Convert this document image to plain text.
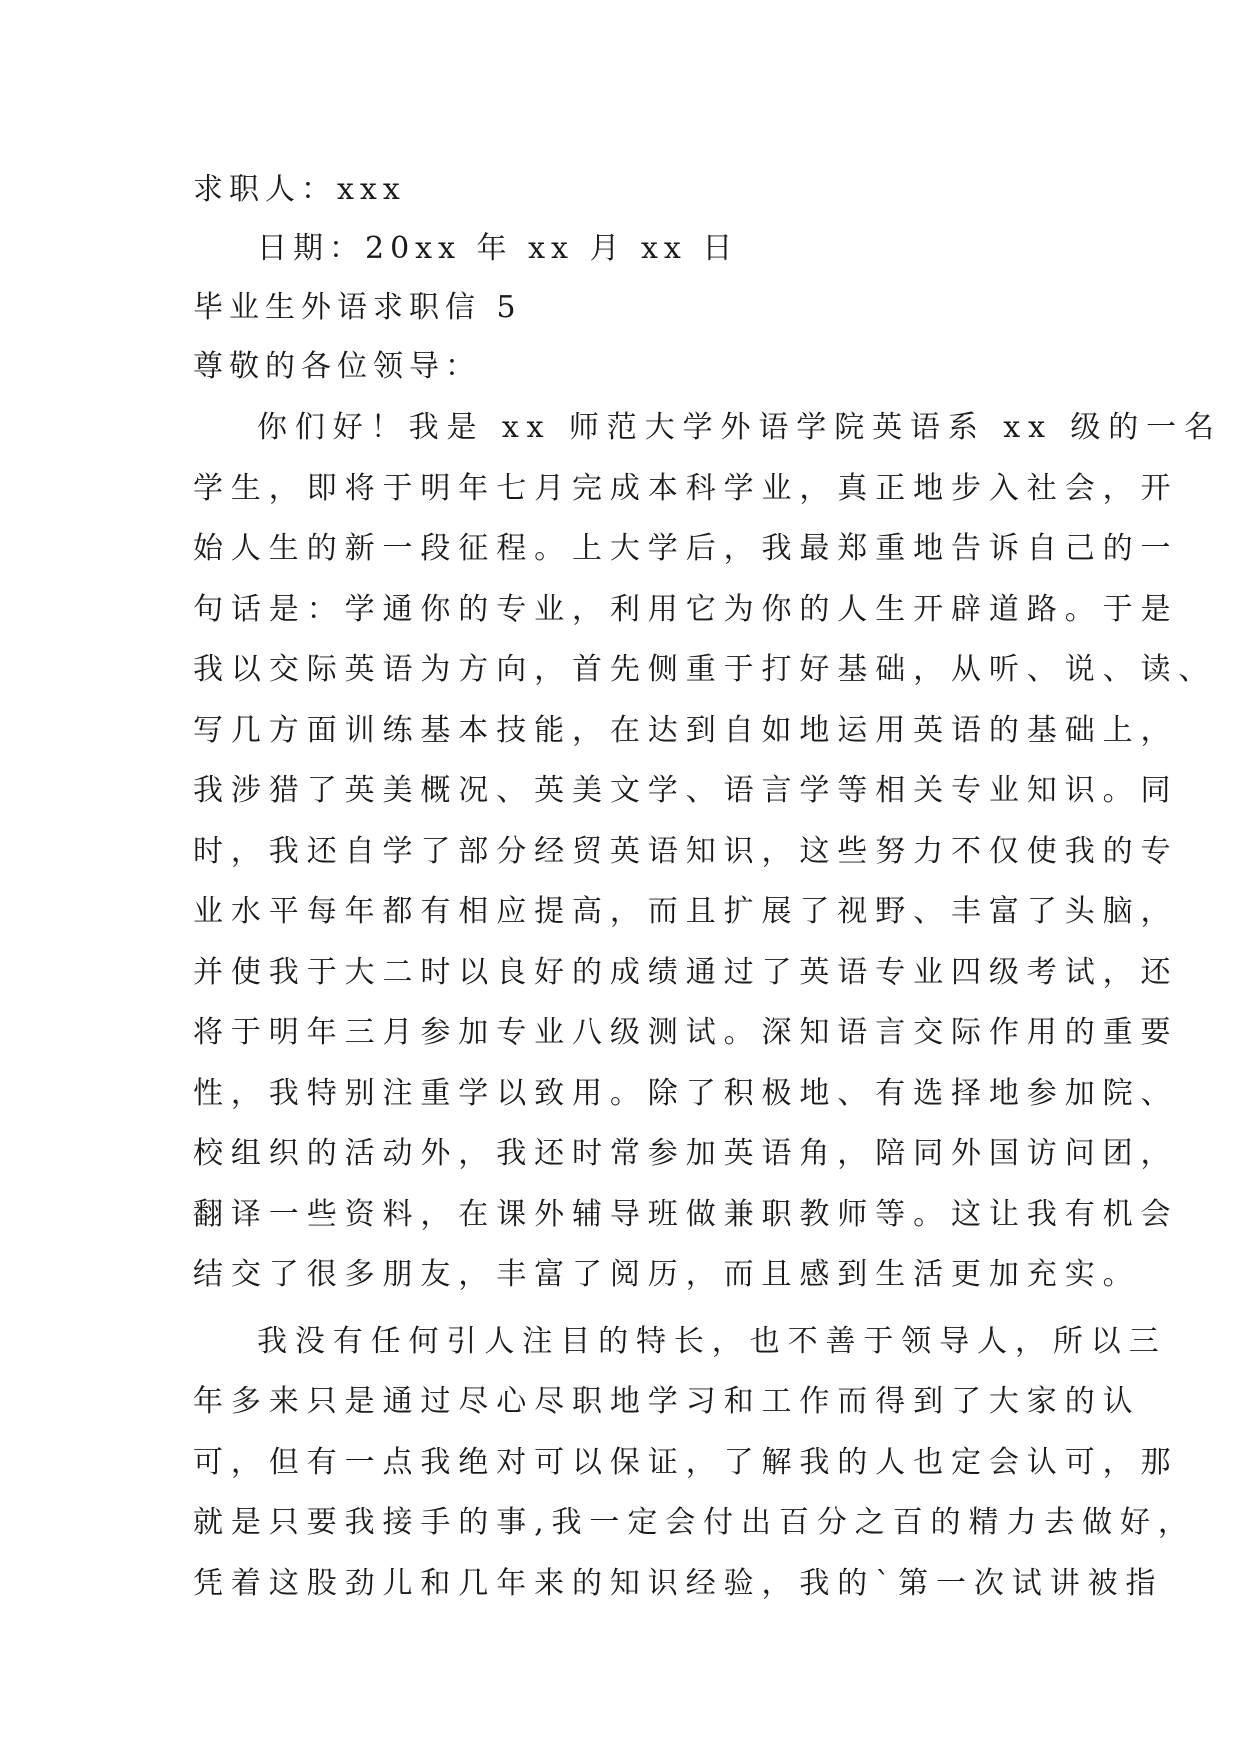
求职人：xxx
日期：20xx 年 xx 月 xx 日
毕业生外语求职信 5
尊敬的各位领导：
你们好！我是 xx 师范大学外语学院英语系 xx 级的一名
学生，即将于明年七月完成本科学业，真正地步入社会，开
始人生的新一段征程。上大学后，我最郑重地告诉自己的一
句话是：学通你的专业，利用它为你的人生开辟道路。于是
我以交际英语为方向，首先侧重于打好基础，从听、说、读、
写几方面训练基本技能，在达到自如地运用英语的基础上，
我涉猎了英美概况、英美文学、语言学等相关专业知识。同
时，我还自学了部分经贸英语知识，这些努力不仅使我的专
业水平每年都有相应提高，而且扩展了视野、丰富了头脑，
并使我于大二时以良好的成绩通过了英语专业四级考试，还
将于明年三月参加专业八级测试。深知语言交际作用的重要
性，我特别注重学以致用。除了积极地、有选择地参加院、
校组织的活动外，我还时常参加英语角，陪同外国访问团，
翻译一些资料，在课外辅导班做兼职教师等。这让我有机会
结交了很多朋友，丰富了阅历，而且感到生活更加充实。
我没有任何引人注目的特长，也不善于领导人，所以三
年多来只是通过尽心尽职地学习和工作而得到了大家的认
可，但有一点我绝对可以保证，了解我的人也定会认可，那
就是只要我接手的事,我一定会付出百分之百的精力去做好，
凭着这股劲儿和几年来的知识经验，我的`第一次试讲被指
